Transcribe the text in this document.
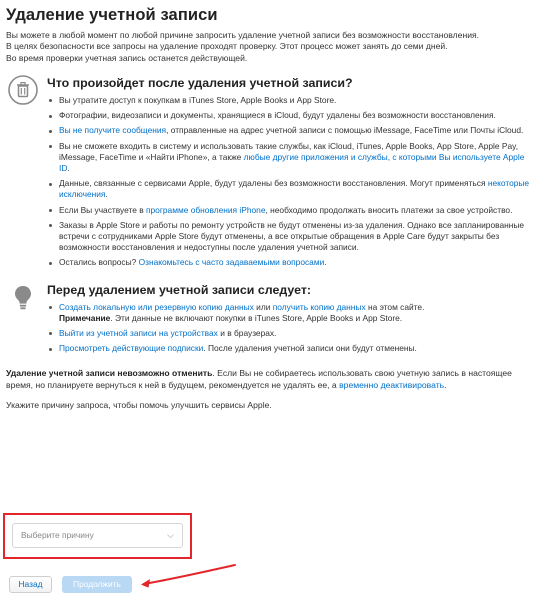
Удаление учетной записи
Вы можете в любой момент по любой причине запросить удаление учетной записи без возможности восстановления.
В целях безопасности все запросы на удаление проходят проверку. Этот процесс может занять до семи дней.
Во время проверки учетная запись останется действующей.
Что произойдет после удаления учетной записи?
Вы утратите доступ к покупкам в iTunes Store, Apple Books и App Store.
Фотографии, видеозаписи и документы, хранящиеся в iCloud, будут удалены без возможности восстановления.
Вы не получите сообщения, отправленные на адрес учетной записи с помощью iMessage, FaceTime или Почты iCloud.
Вы не сможете входить в систему и использовать такие службы, как iCloud, iTunes, Apple Books, App Store, Apple Pay, iMessage, FaceTime и «Найти iPhone», а также любые другие приложения и службы, с которыми Вы используете Apple ID.
Данные, связанные с сервисами Apple, будут удалены без возможности восстановления. Могут применяться некоторые исключения.
Если Вы участвуете в программе обновления iPhone, необходимо продолжать вносить платежи за свое устройство.
Заказы в Apple Store и работы по ремонту устройств не будут отменены из-за удаления. Однако все запланированные встречи с сотрудниками Apple Store будут отменены, а все открытые обращения в Apple Care будут закрыты без возможности восстановления и недоступны после удаления учетной записи.
Остались вопросы? Ознакомьтесь с часто задаваемыми вопросами.
Перед удалением учетной записи следует:
Создать локальную или резервную копию данных или получить копию данных на этом сайте.
Примечание. Эти данные не включают покупки в iTunes Store, Apple Books и App Store.
Выйти из учетной записи на устройствах и в браузерах.
Просмотреть действующие подписки. После удаления учетной записи они будут отменены.
Удаление учетной записи невозможно отменить. Если Вы не собираетесь использовать свою учетную запись в настоящее время, но планируете вернуться к ней в будущем, рекомендуется не удалять ее, а временно деактивировать.
Укажите причину запроса, чтобы помочь улучшить сервисы Apple.
Выберите причину	⌵
Назад	Продолжить
